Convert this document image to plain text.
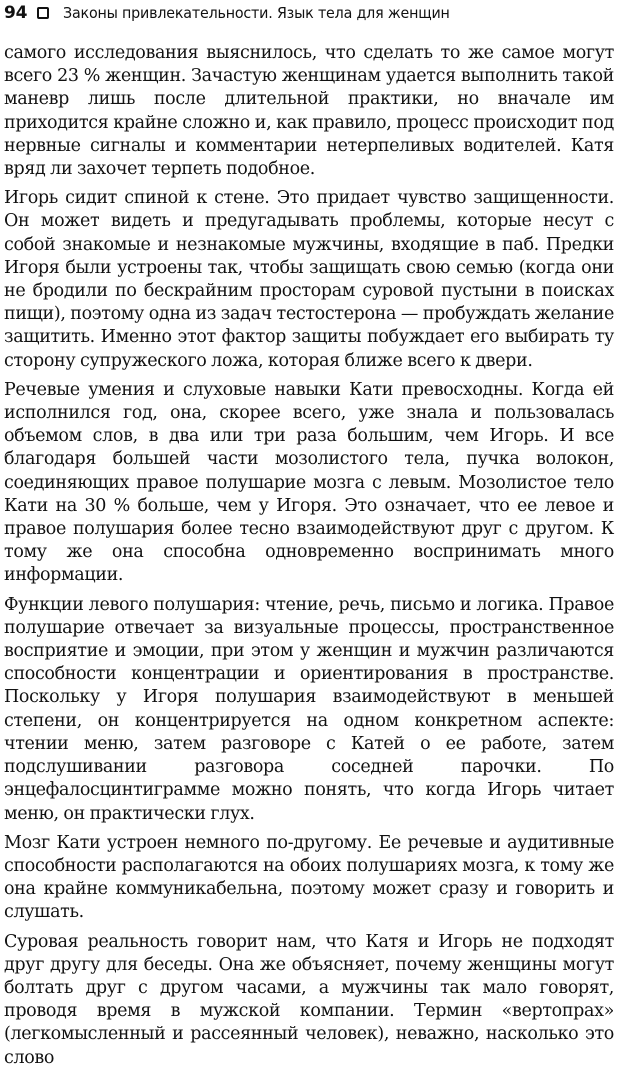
94 Законы привлекательности. Язык тела для женщин

самого исследования выяснилось, что сделать то же самое могут всего 23 % женщин. Зачастую женщинам удается выполнить такой маневр лишь после длительной практики, но вначале им приходится крайне сложно и, как правило, процесс происходит под нервные сигналы и комментарии нетерпеливых водителей. Катя вряд ли захочет терпеть подобное.

Игорь сидит спиной к стене. Это придает чувство защищенности. Он может видеть и предугадывать проблемы, которые несут с собой знакомые и незнакомые мужчины, входящие в паб. Предки Игоря были устроены так, чтобы защищать свою семью (когда они не бродили по бескрайним просторам суровой пустыни в поисках пищи), поэтому одна из задач тестостерона — пробуждать желание защитить. Именно этот фактор защиты побуждает его выбирать ту сторону супружеского ложа, которая ближе всего к двери.

Речевые умения и слуховые навыки Кати превосходны. Когда ей исполнился год, она, скорее всего, уже знала и пользовалась объемом слов, в два или три раза большим, чем Игорь. И все благодаря большей части мозолистого тела, пучка волокон, соединяющих правое полушарие мозга с левым. Мозолистое тело Кати на 30 % больше, чем у Игоря. Это означает, что ее левое и правое полушария более тесно взаимодействуют друг с другом. К тому же она способна одновременно воспринимать много информации.

Функции левого полушария: чтение, речь, письмо и логика. Правое полушарие отвечает за визуальные процессы, пространственное восприятие и эмоции, при этом у женщин и мужчин различаются способности концентрации и ориентирования в пространстве. Поскольку у Игоря полушария взаимодействуют в меньшей степени, он концентрируется на одном конкретном аспекте: чтении меню, затем разговоре с Катей о ее работе, затем подслушивании разговора соседней парочки. По энцефалосцинтиграмме можно понять, что когда Игорь читает меню, он практически глух.

Мозг Кати устроен немного по-другому. Ее речевые и аудитивные способности располагаются на обоих полушариях мозга, к тому же она крайне коммуникабельна, поэтому может сразу и говорить и слушать.

Суровая реальность говорит нам, что Катя и Игорь не подходят друг другу для беседы. Она же объясняет, почему женщины могут болтать друг с другом часами, а мужчины так мало говорят, проводя время в мужской компании. Термин «вертопрах» (легкомысленный и рассеянный человек), неважно, насколько это слово
